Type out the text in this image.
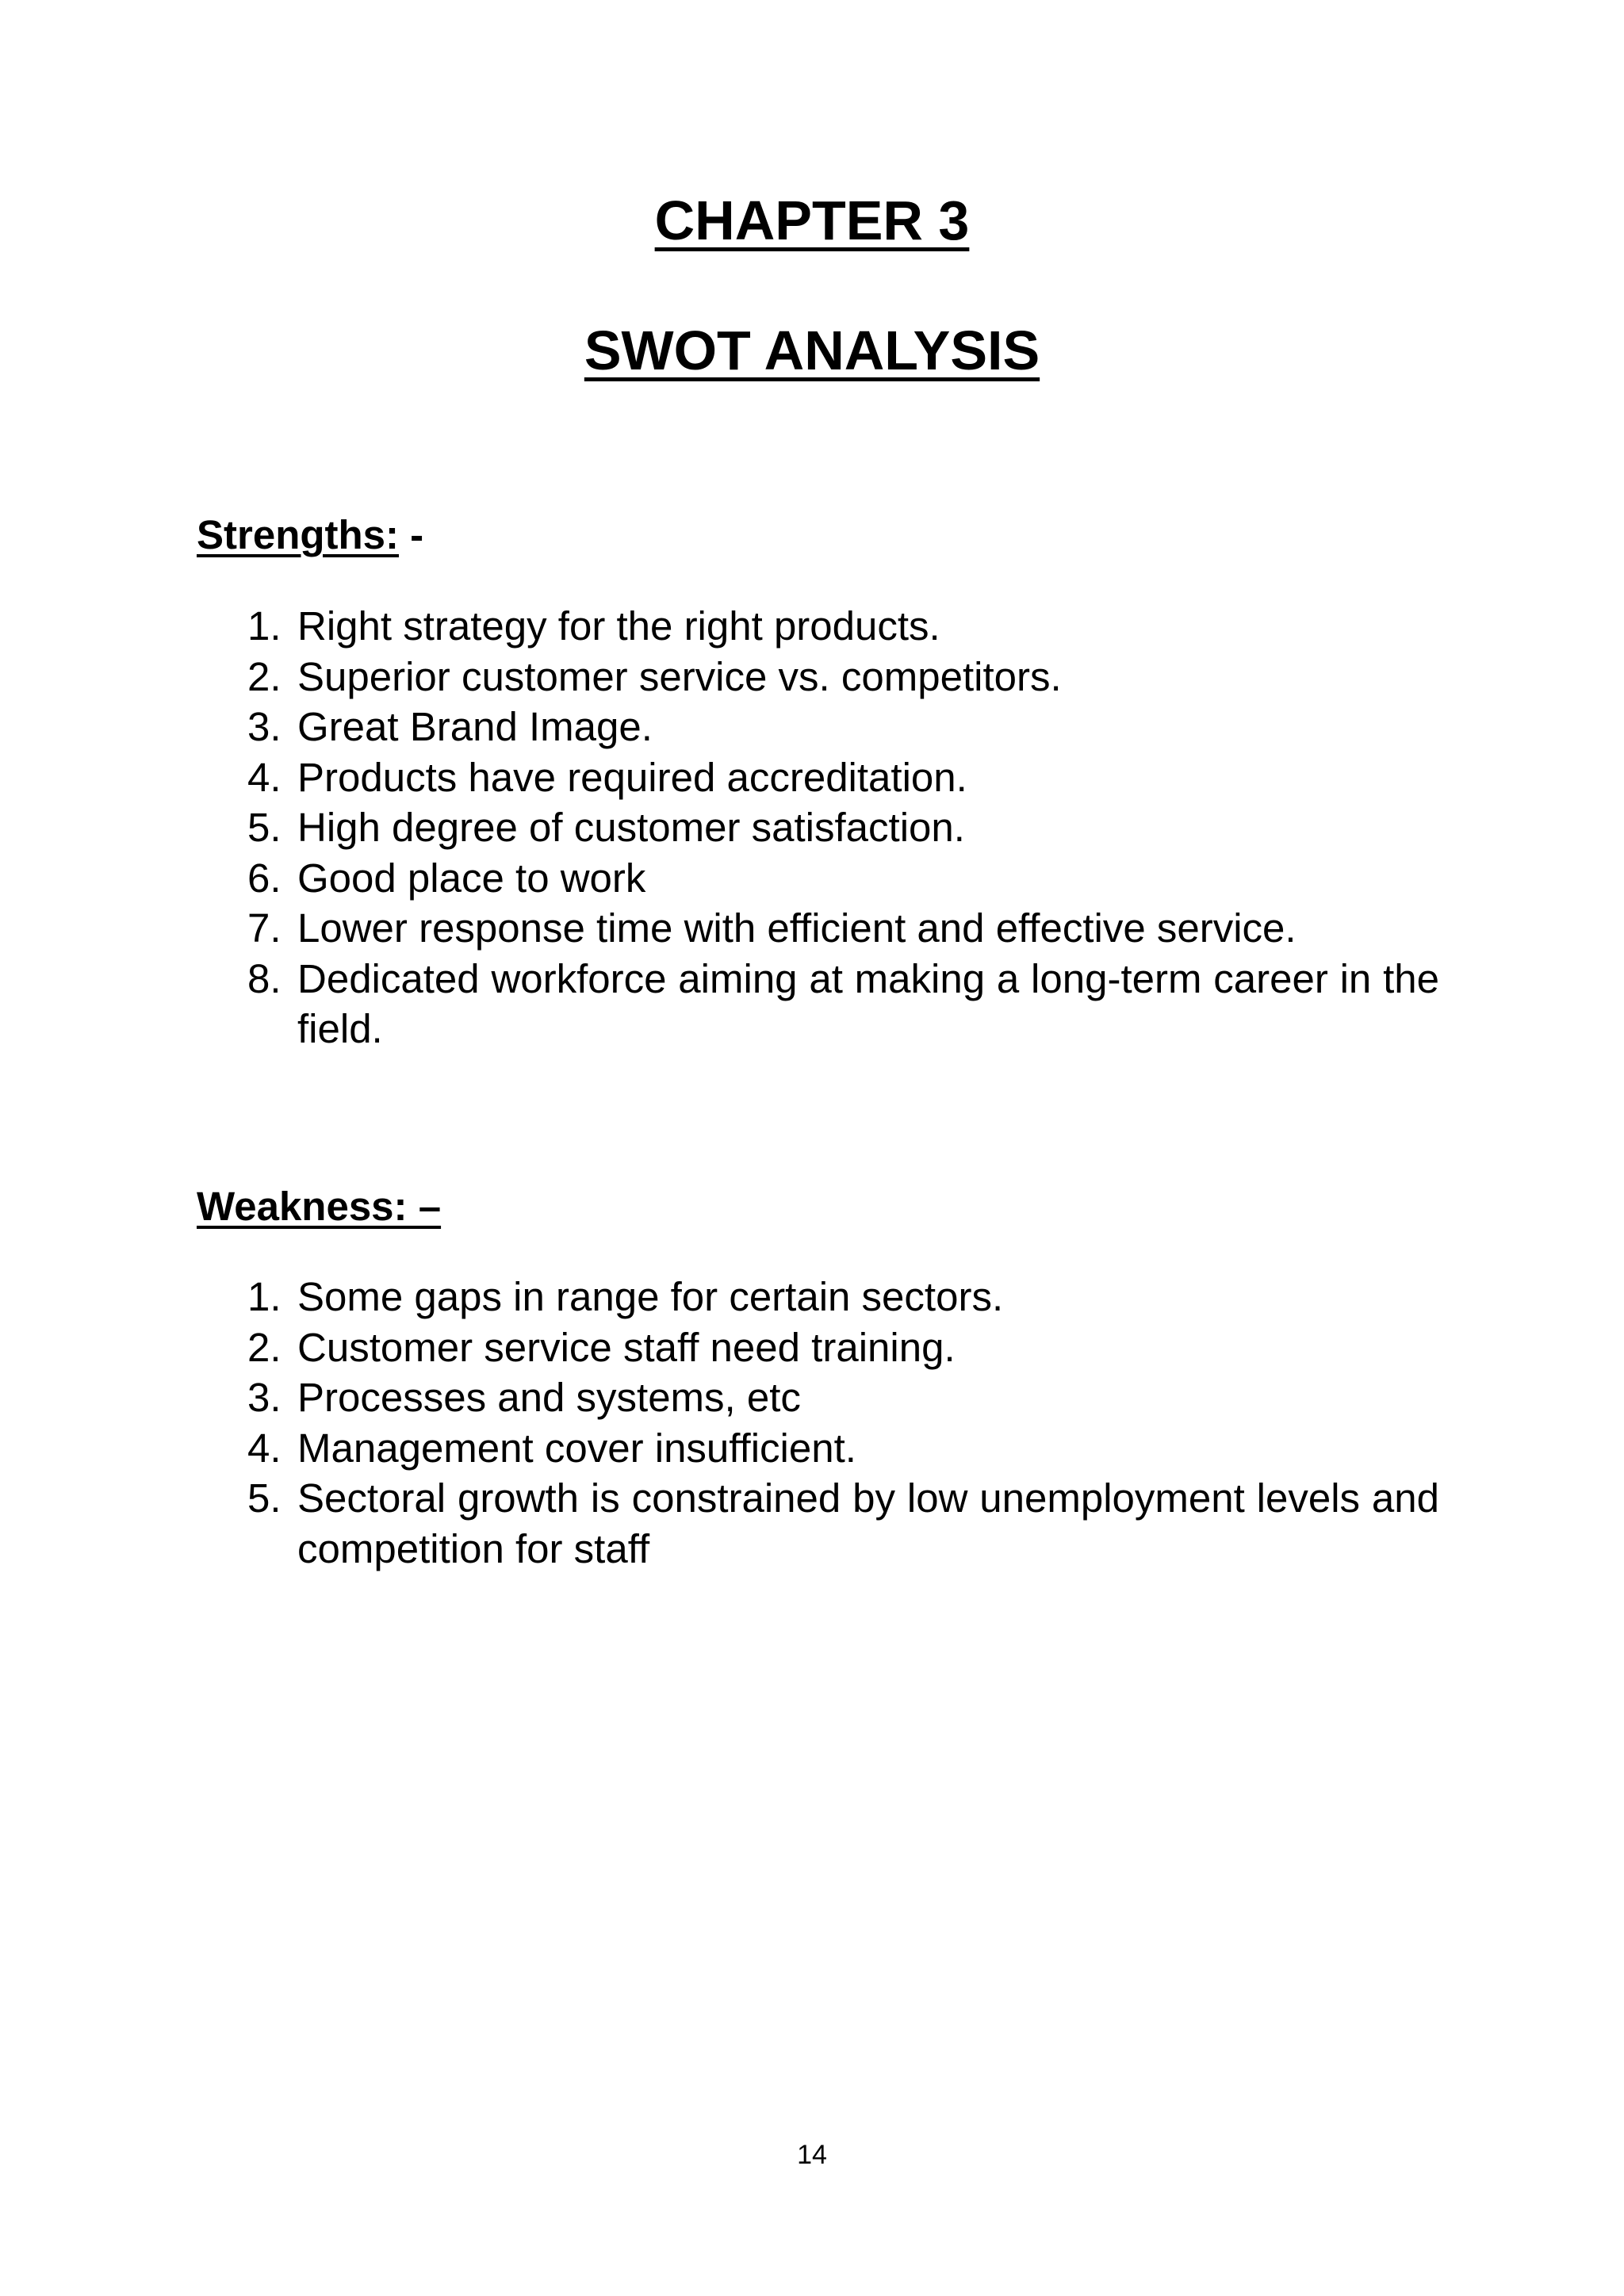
CHAPTER 3
SWOT ANALYSIS
Strengths: -
1. Right strategy for the right products.
2. Superior customer service vs. competitors.
3. Great Brand Image.
4. Products have required accreditation.
5. High degree of customer satisfaction.
6. Good place to work
7. Lower response time with efficient and effective service.
8. Dedicated workforce aiming at making a long-term career in the field.
Weakness: –
1. Some gaps in range for certain sectors.
2. Customer service staff need training.
3. Processes and systems, etc
4. Management cover insufficient.
5. Sectoral growth is constrained by low unemployment levels and competition for staff
14
